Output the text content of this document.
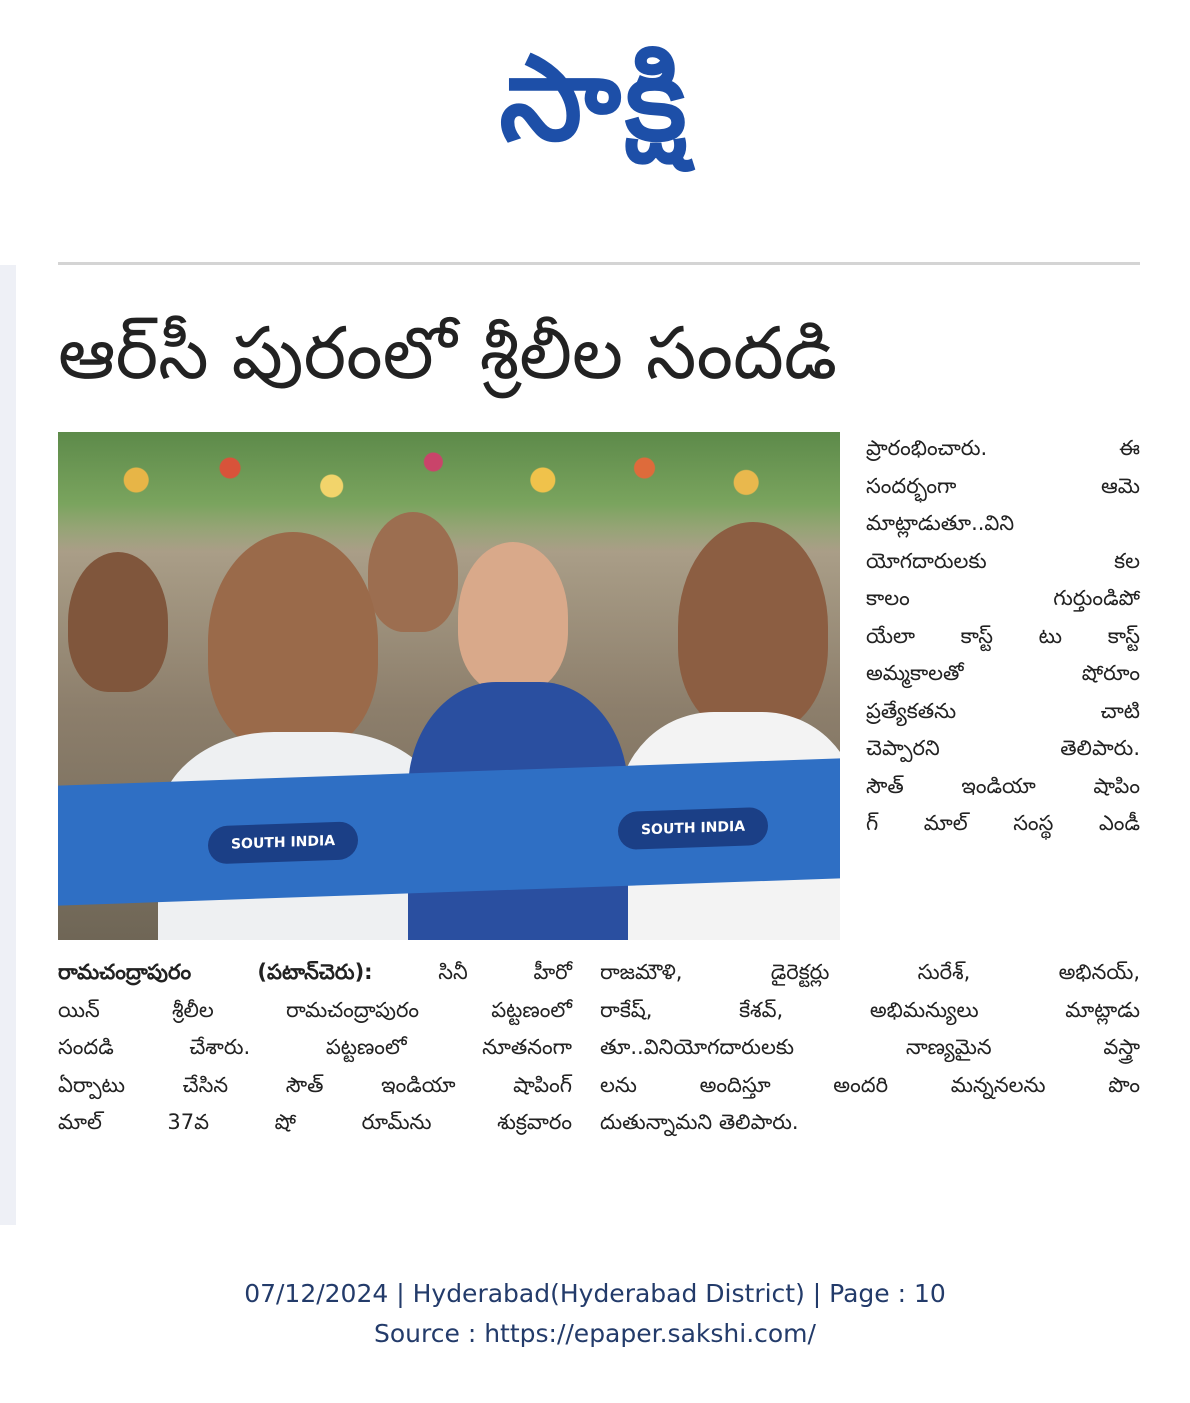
సాక్షి
ఆర్‌సీ పురంలో శ్రీలీల సందడి
SOUTH INDIA
SOUTH INDIA

ప్రారంభించారు. ఈ

సందర్భంగా ఆమె

మాట్లాడుతూ..విని

యోగదారులకు కల

కాలం గుర్తుండిపో

యేలా కాస్ట్ టు కాస్ట్

అమ్మకాలతో షోరూం

ప్రత్యేకతను చాటి

చెప్పారని తెలిపారు.

సౌత్ ఇండియా షాపిం

గ్ మాల్ సంస్థ ఎండీ

రామచంద్రాపురం (పటాన్‌చెరు): సినీ హీరో

యిన్ శ్రీలీల రామచంద్రాపురం పట్టణంలో

సందడి చేశారు. పట్టణంలో నూతనంగా

ఏర్పాటు చేసిన సౌత్ ఇండియా షాపింగ్

మాల్ 37వ షో రూమ్‌ను శుక్రవారం

రాజమౌళి, డైరెక్టర్లు సురేశ్, అభినయ్,

రాకేష్, కేశవ్, అభిమన్యులు మాట్లాడు

తూ..వినియోగదారులకు నాణ్యమైన వస్త్రా

లను అందిస్తూ అందరి మన్ననలను పొం

దుతున్నామని తెలిపారు.

07/12/2024 | Hyderabad(Hyderabad District) | Page : 10
Source : https://epaper.sakshi.com/
